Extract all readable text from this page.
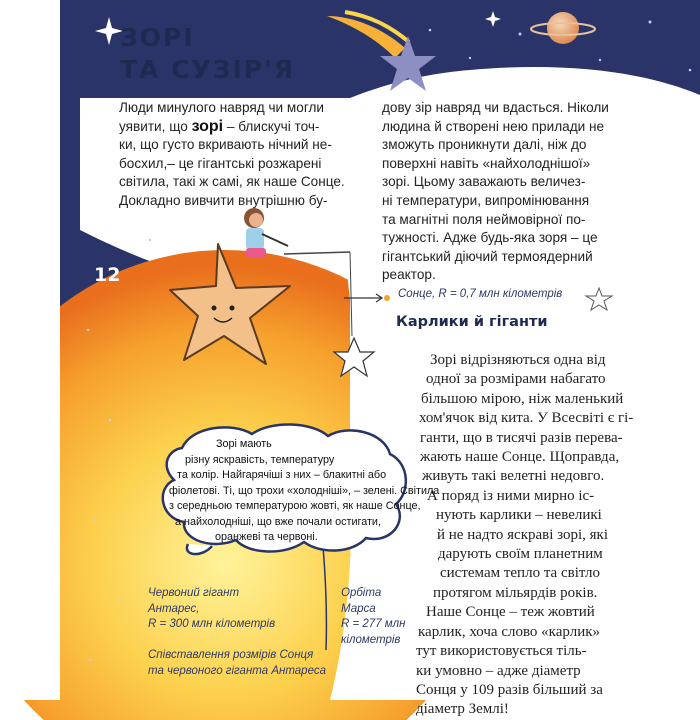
ЗОРІ
ТА СУЗІР'Я
Люди минулого навряд чи могли
уявити, що зорі – блискучі точ-
ки, що густо вкривають нічний не-
босхил,– це гігантські розжарені
світила, такі ж самі, як наше Сонце.
Докладно вивчити внутрішню бу-
дову зір навряд чи вдасться. Ніколи
людина й створені нею прилади не
зможуть проникнути далі, ніж до
поверхні навіть «найхолоднішої»
зорі. Цьому заважають величез-
ні температури, випромінювання
та магнітні поля неймовірної по-
тужності. Адже будь-яка зоря – це
гігантський діючий термоядерний
реактор.
12
Сонце, R = 0,7 млн кілометрів
Карлики й гіганти
Зорі відрізняються одна від
одної за розмірами набагато
більшою мірою, ніж маленький
хом'ячок від кита. У Всесвіті є гі-
ганти, що в тисячі разів перева-
жають наше Сонце. Щоправда,
живуть такі велетні недовго.
А поряд із ними мирно іс-
нують карлики – невеликі
й не надто яскраві зорі, які
дарують своїм планетним
системам тепло та світло
протягом мільярдів років.
Наше Сонце – теж жовтий
карлик, хоча слово «карлик»
тут використовується тіль-
ки умовно – адже діаметр
Сонця у 109 разів більший за
діаметр Землі!
Зорі мають
різну яскравість, температуру
та колір. Найгарячіші з них – блакитні або
фіолетові. Ті, що трохи «холодніші», – зелені. Світила
з середньою температурою жовті, як наше Сонце,
а найхолодніші, що вже почали остигати,
оранжеві та червоні.
Червоний гігант
Антарес,
R = 300 млн кілометрів
Орбіта
Марса
R = 277 млн
кілометрів
Співставлення розмірів Сонця
та червоного гіганта Антареса
